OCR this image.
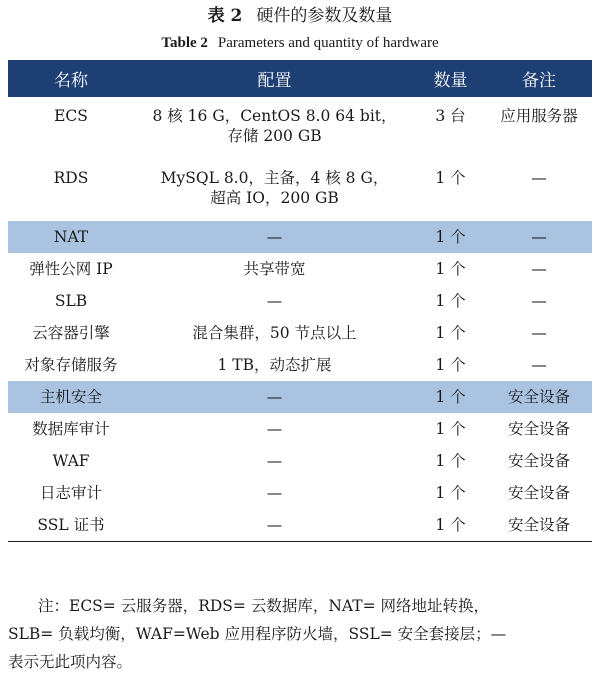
表 2 硬件的参数及数量
Table 2 Parameters and quantity of hardware
名称	配置	数量	备注
ECS	8 核 16 G，CentOS 8.0 64 bit，
存储 200 GB	3 台	应用服务器
RDS	MySQL 8.0，主备，4 核 8 G，
超高 IO，200 GB	1 个	—
NAT	—	1 个	—
弹性公网 IP	共享带宽	1 个	—
SLB	—	1 个	—
云容器引擎	混合集群，50 节点以上	1 个	—
对象存储服务	1 TB，动态扩展	1 个	—
主机安全	—	1 个	安全设备
数据库审计	—	1 个	安全设备
WAF	—	1 个	安全设备
日志审计	—	1 个	安全设备
SSL 证书	—	1 个	安全设备

注：ECS= 云服务器，RDS= 云数据库，NAT= 网络地址转换，

SLB= 负载均衡，WAF=Web 应用程序防火墙，SSL= 安全套接层；—

表示无此项内容。
